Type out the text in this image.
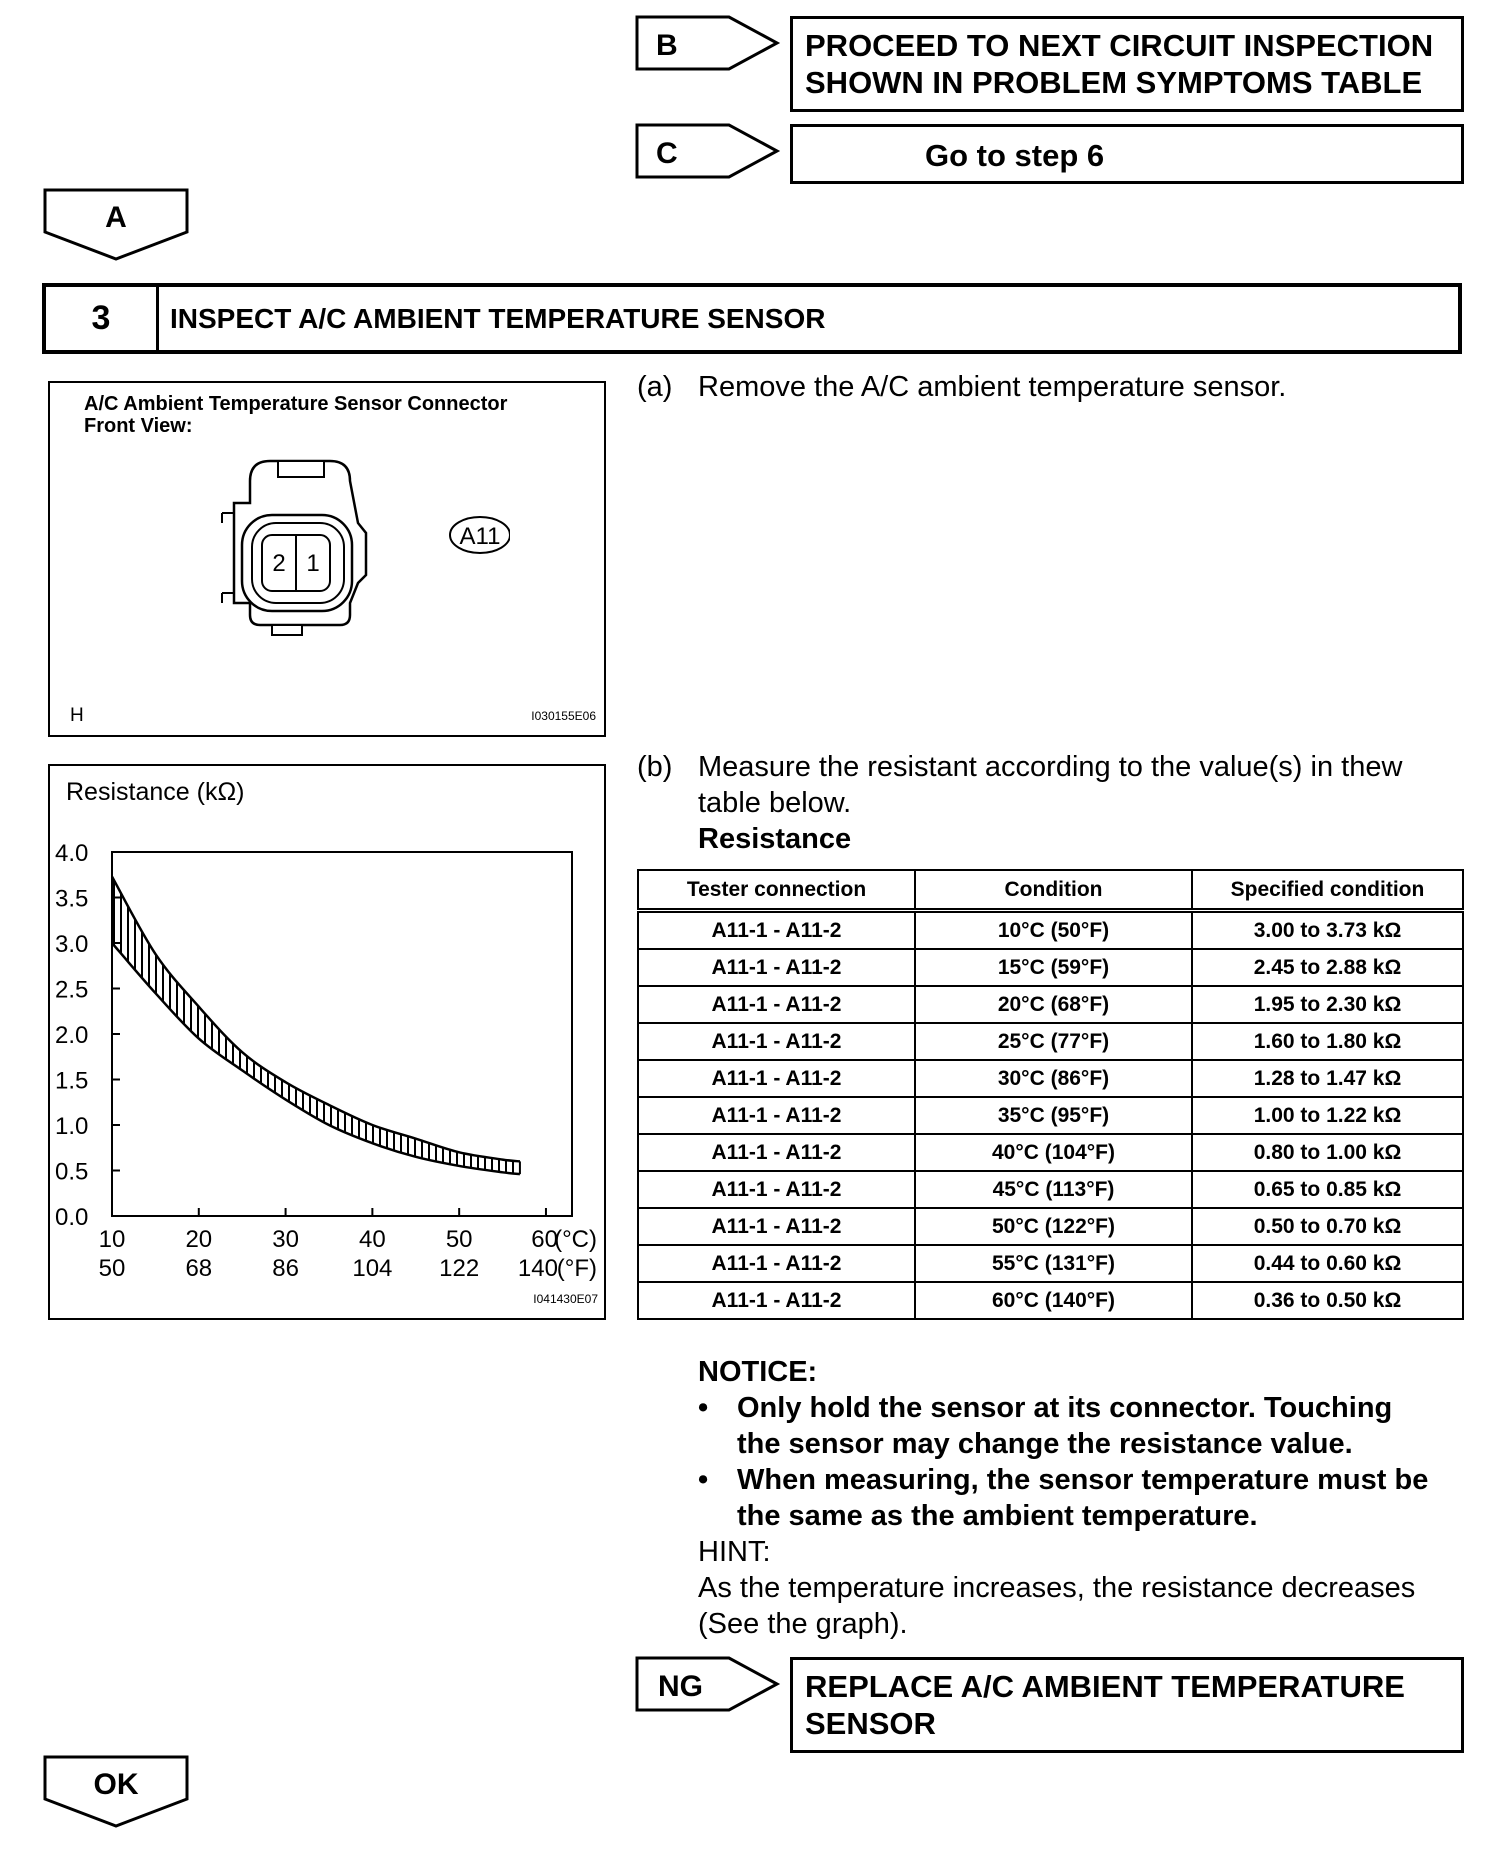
B	PROCEED TO NEXT CIRCUIT INSPECTION
SHOWN IN PROBLEM SYMPTOMS TABLE
C	Go to step 6
A
3	INSPECT A/C AMBIENT TEMPERATURE SENSOR
A/C Ambient Temperature Sensor Connector
Front View:
2 1
A11
H	I030155E06
Resistance (kΩ)
4.0
3.5
3.0
2.5
2.0
1.5
1.0
0.5
0.0
10
50
20
68
30
86
40
104
50
122
60
140
(°C)
(°F)
I041430E07
(a) Remove the A/C ambient temperature sensor.
(b) Measure the resistant according to the value(s) in thew
table below.
Resistance
Tester connection	Condition	Specified condition
A11-1 - A11-2	10°C (50°F)	3.00 to 3.73 kΩ
A11-1 - A11-2	15°C (59°F)	2.45 to 2.88 kΩ
A11-1 - A11-2	20°C (68°F)	1.95 to 2.30 kΩ
A11-1 - A11-2	25°C (77°F)	1.60 to 1.80 kΩ
A11-1 - A11-2	30°C (86°F)	1.28 to 1.47 kΩ
A11-1 - A11-2	35°C (95°F)	1.00 to 1.22 kΩ
A11-1 - A11-2	40°C (104°F)	0.80 to 1.00 kΩ
A11-1 - A11-2	45°C (113°F)	0.65 to 0.85 kΩ
A11-1 - A11-2	50°C (122°F)	0.50 to 0.70 kΩ
A11-1 - A11-2	55°C (131°F)	0.44 to 0.60 kΩ
A11-1 - A11-2	60°C (140°F)	0.36 to 0.50 kΩ
NOTICE:
• Only hold the sensor at its connector. Touching
the sensor may change the resistance value.
• When measuring, the sensor temperature must be
the same as the ambient temperature.
HINT:
As the temperature increases, the resistance decreases
(See the graph).
NG	REPLACE A/C AMBIENT TEMPERATURE
SENSOR
OK
